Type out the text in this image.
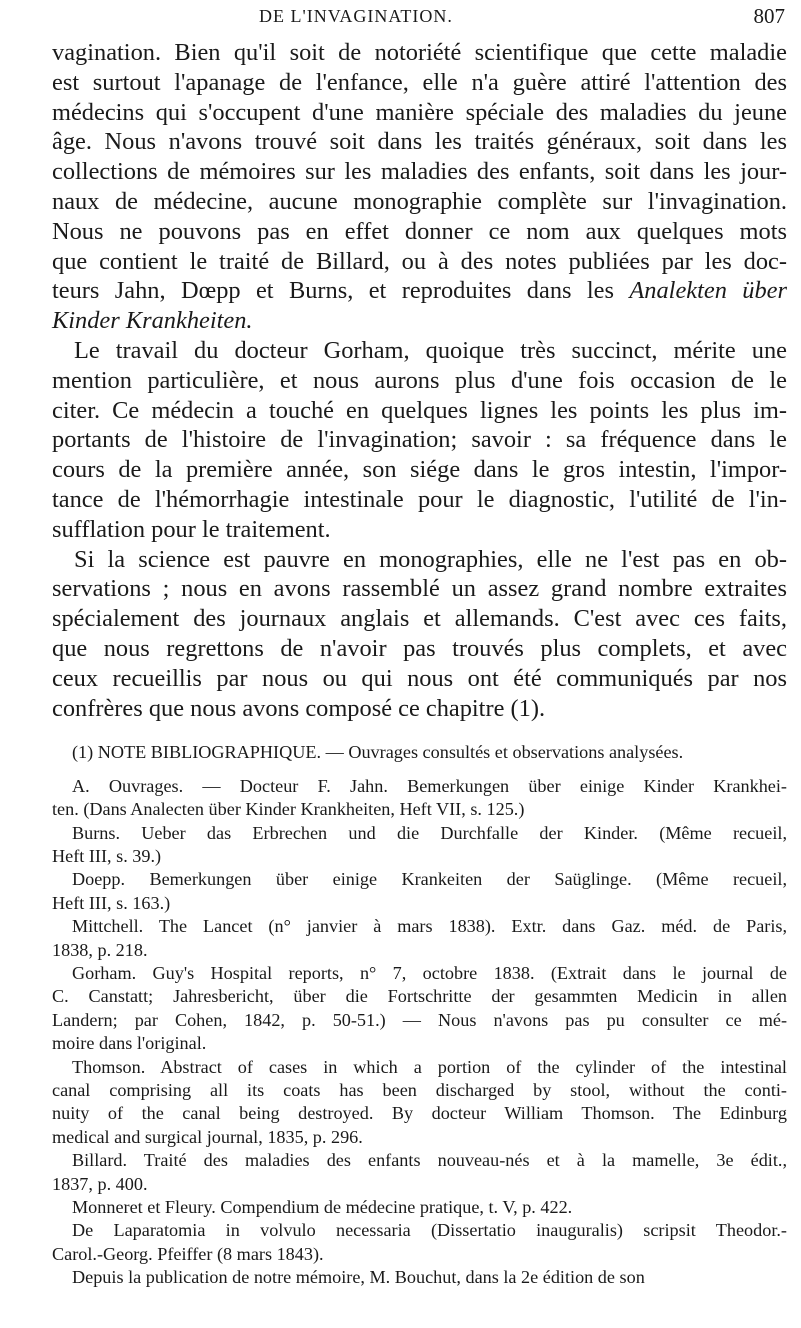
DE L'INVAGINATION.	807

vagination. Bien qu'il soit de notoriété scientifique que cette maladie
est surtout l'apanage de l'enfance, elle n'a guère attiré l'attention des
médecins qui s'occupent d'une manière spéciale des maladies du jeune
âge. Nous n'avons trouvé soit dans les traités généraux, soit dans les
collections de mémoires sur les maladies des enfants, soit dans les jour-
naux de médecine, aucune monographie complète sur l'invagination.
Nous ne pouvons pas en effet donner ce nom aux quelques mots
que contient le traité de Billard, ou à des notes publiées par les doc-
teurs Jahn, Dœpp et Burns, et reproduites dans les Analekten über
Kinder Krankheiten.

Le travail du docteur Gorham, quoique très succinct, mérite une
mention particulière, et nous aurons plus d'une fois occasion de le
citer. Ce médecin a touché en quelques lignes les points les plus im-
portants de l'histoire de l'invagination; savoir : sa fréquence dans le
cours de la première année, son siége dans le gros intestin, l'impor-
tance de l'hémorrhagie intestinale pour le diagnostic, l'utilité de l'in-
sufflation pour le traitement.

Si la science est pauvre en monographies, elle ne l'est pas en ob-
servations ; nous en avons rassemblé un assez grand nombre extraites
spécialement des journaux anglais et allemands. C'est avec ces faits,
que nous regrettons de n'avoir pas trouvés plus complets, et avec
ceux recueillis par nous ou qui nous ont été communiqués par nos
confrères que nous avons composé ce chapitre (1).

(1) NOTE BIBLIOGRAPHIQUE. — Ouvrages consultés et observations analysées.
A. Ouvrages. — Docteur F. Jahn. Bemerkungen über einige Kinder Krankhei-
ten. (Dans Analecten über Kinder Krankheiten, Heft VII, s. 125.)
Burns. Ueber das Erbrechen und die Durchfalle der Kinder. (Même recueil,
Heft III, s. 39.)
Doepp. Bemerkungen über einige Krankeiten der Saüglinge. (Même recueil,
Heft III, s. 163.)
Mittchell. The Lancet (n° janvier à mars 1838). Extr. dans Gaz. méd. de Paris,
1838, p. 218.
Gorham. Guy's Hospital reports, n° 7, octobre 1838. (Extrait dans le journal de
C. Canstatt; Jahresbericht, über die Fortschritte der gesammten Medicin in allen
Landern; par Cohen, 1842, p. 50-51.) — Nous n'avons pas pu consulter ce mé-
moire dans l'original.
Thomson. Abstract of cases in which a portion of the cylinder of the intestinal
canal comprising all its coats has been discharged by stool, without the conti-
nuity of the canal being destroyed. By docteur William Thomson. The Edinburg
medical and surgical journal, 1835, p. 296.
Billard. Traité des maladies des enfants nouveau-nés et à la mamelle, 3e édit.,
1837, p. 400.
Monneret et Fleury. Compendium de médecine pratique, t. V, p. 422.
De Laparatomia in volvulo necessaria (Dissertatio inauguralis) scripsit Theodor.-
Carol.-Georg. Pfeiffer (8 mars 1843).
Depuis la publication de notre mémoire, M. Bouchut, dans la 2e édition de son
